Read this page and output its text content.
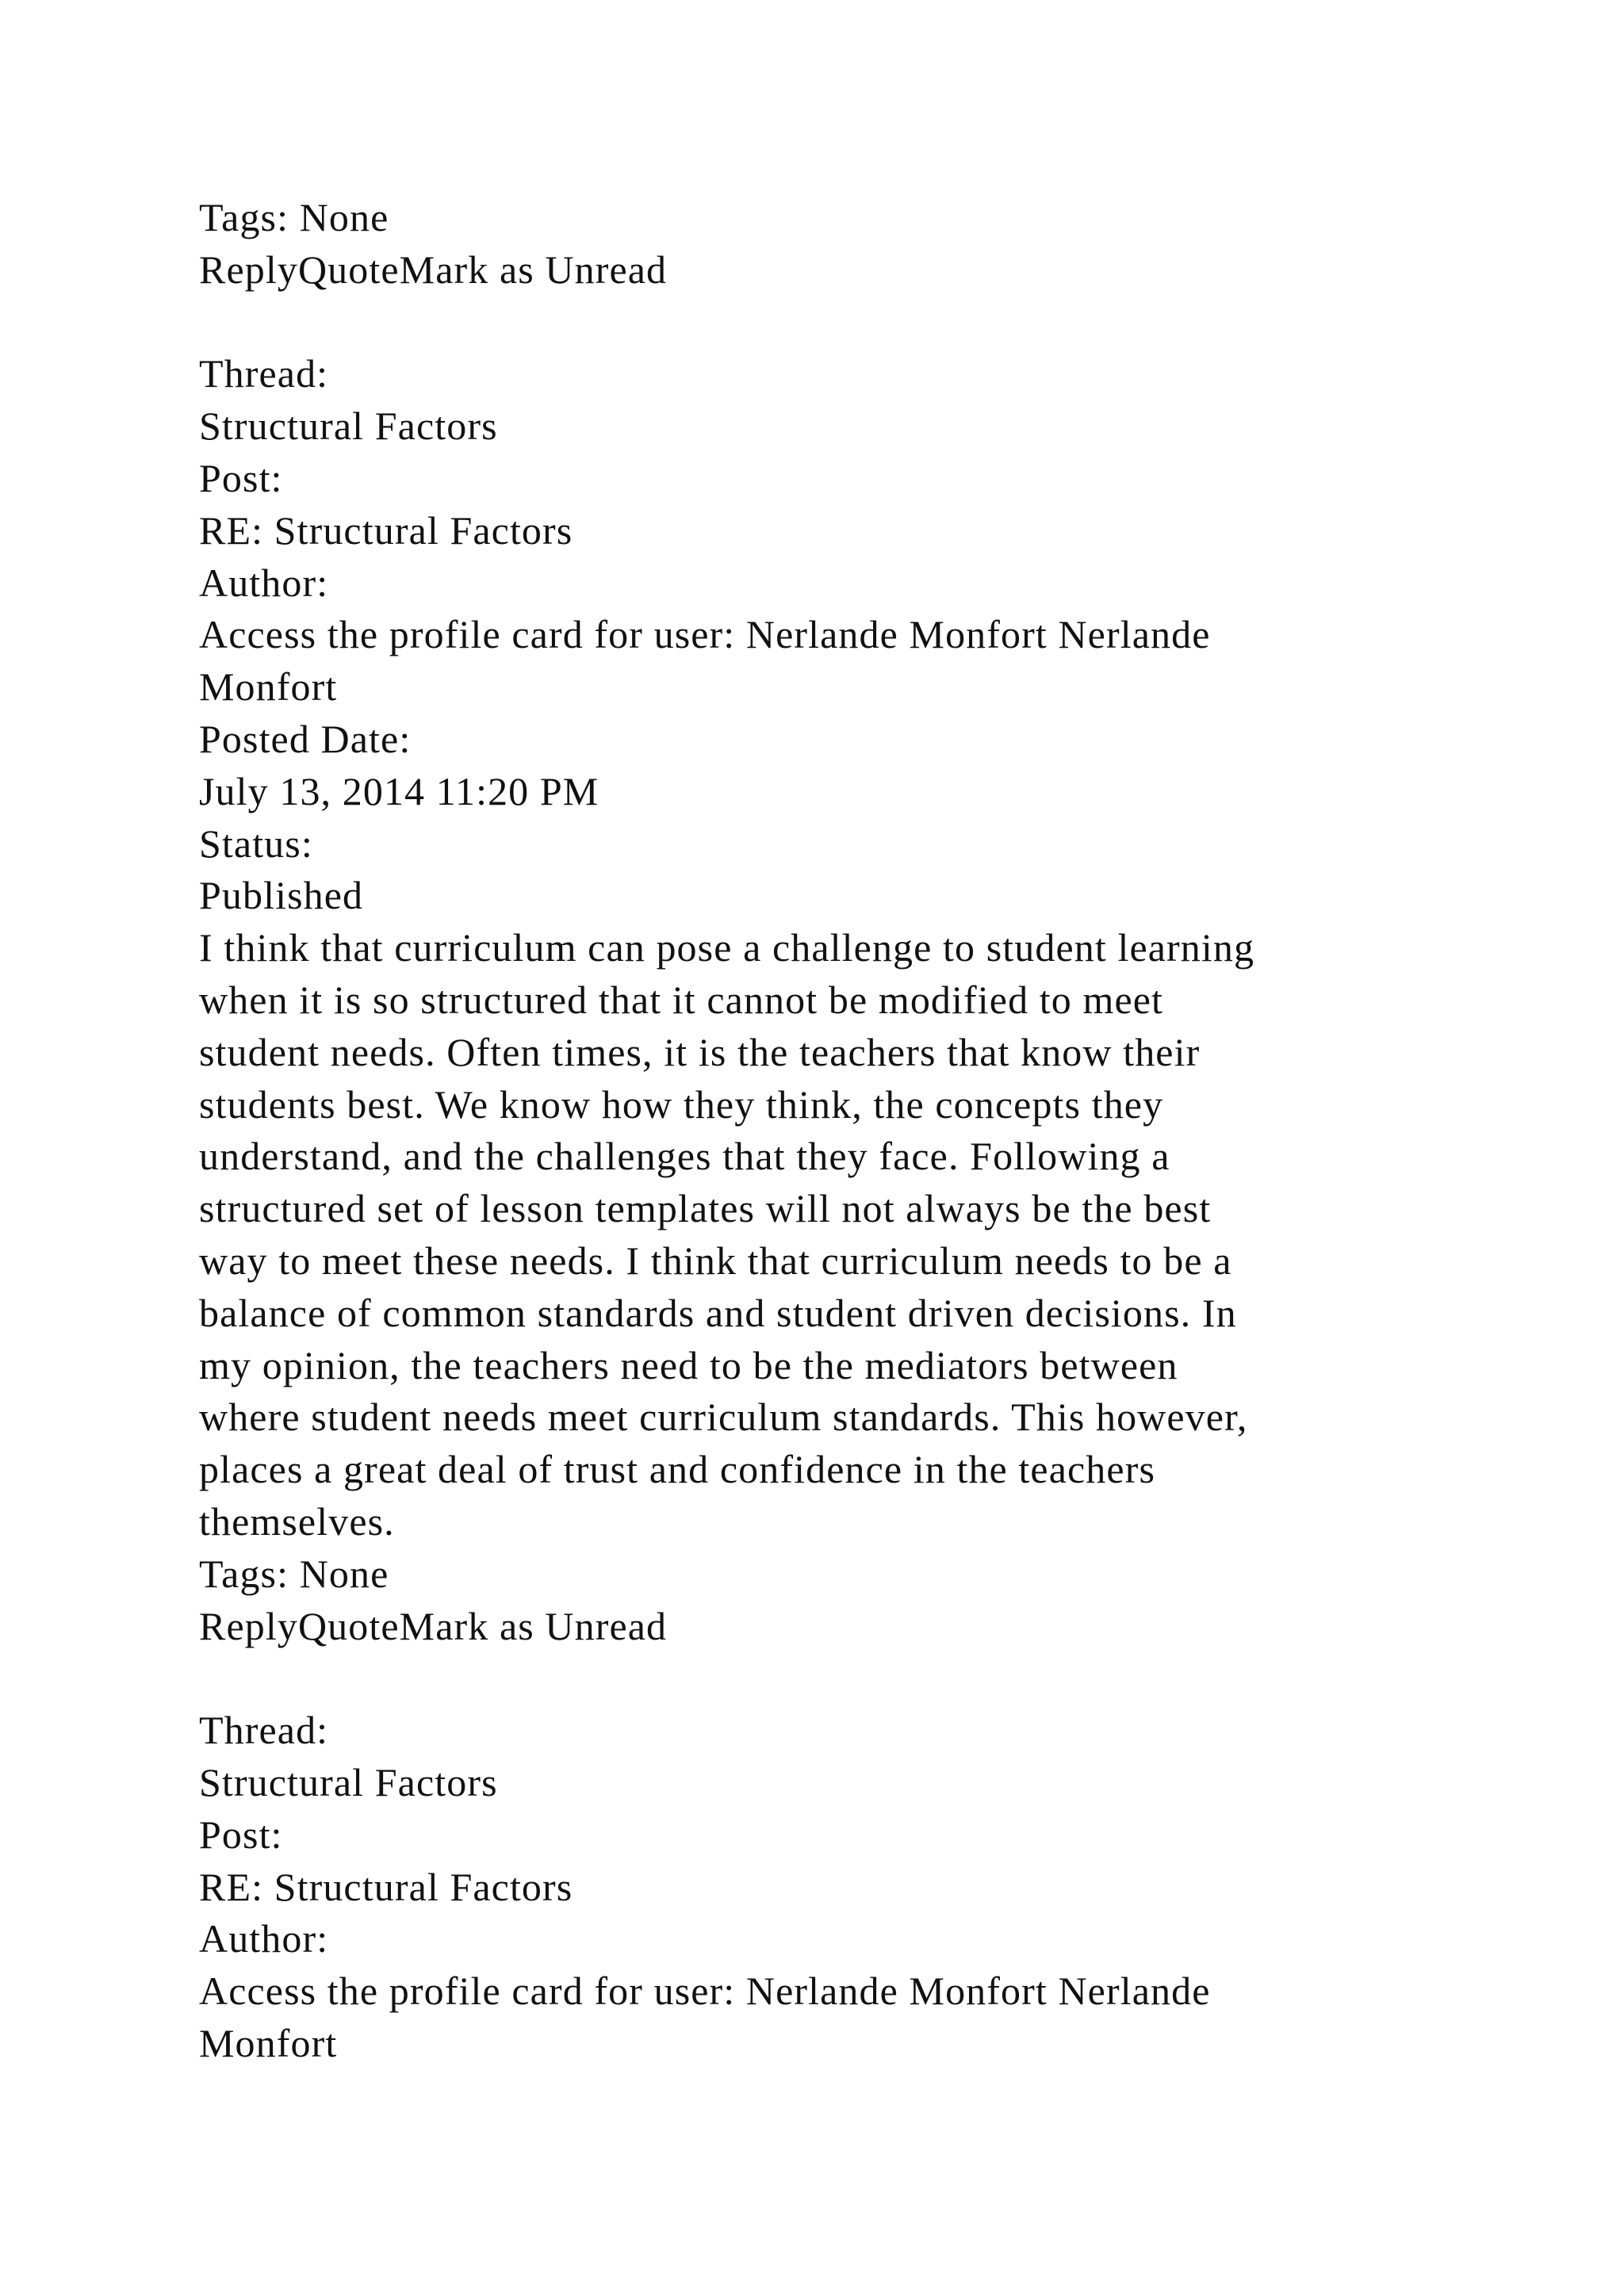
Tags: None
ReplyQuoteMark as Unread
Thread:
Structural Factors
Post:
RE: Structural Factors
Author:
Access the profile card for user: Nerlande Monfort Nerlande
Monfort
Posted Date:
July 13, 2014 11:20 PM
Status:
Published
I think that curriculum can pose a challenge to student learning
when it is so structured that it cannot be modified to meet
student needs. Often times, it is the teachers that know their
students best. We know how they think, the concepts they
understand, and the challenges that they face. Following a
structured set of lesson templates will not always be the best
way to meet these needs. I think that curriculum needs to be a
balance of common standards and student driven decisions. In
my opinion, the teachers need to be the mediators between
where student needs meet curriculum standards. This however,
places a great deal of trust and confidence in the teachers
themselves.
Tags: None
ReplyQuoteMark as Unread
Thread:
Structural Factors
Post:
RE: Structural Factors
Author:
Access the profile card for user: Nerlande Monfort Nerlande
Monfort
